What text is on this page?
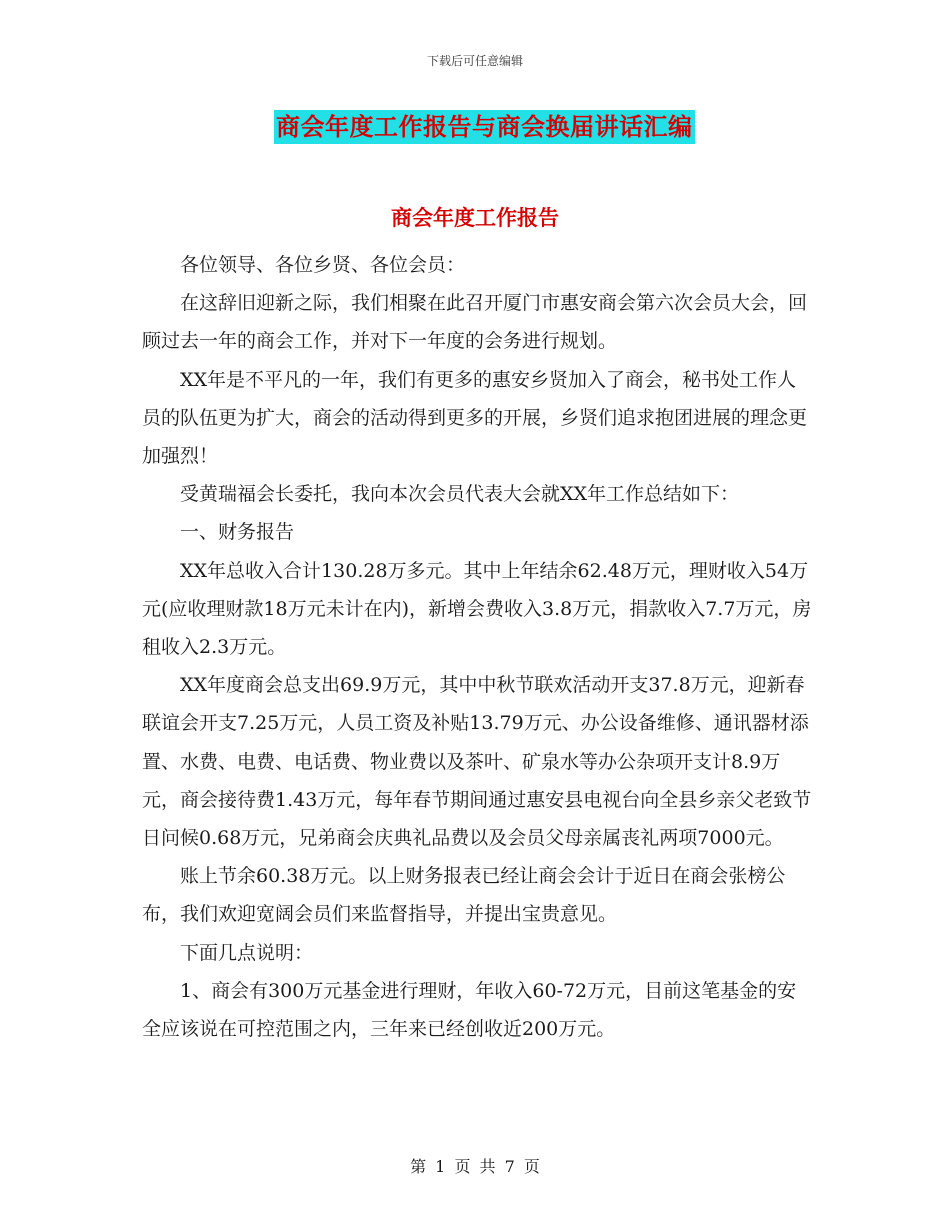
下载后可任意编辑
商会年度工作报告与商会换届讲话汇编
商会年度工作报告

各位领导、各位乡贤、各位会员：

在这辞旧迎新之际，我们相聚在此召开厦门市惠安商会第六次会员大会，回顾过去一年的商会工作，并对下一年度的会务进行规划。

XX年是不平凡的一年，我们有更多的惠安乡贤加入了商会，秘书处工作人员的队伍更为扩大，商会的活动得到更多的开展，乡贤们追求抱团进展的理念更加强烈！

受黄瑞福会长委托，我向本次会员代表大会就XX年工作总结如下：

一、财务报告

XX年总收入合计130.28万多元。其中上年结余62.48万元，理财收入54万元(应收理财款18万元未计在内)，新增会费收入3.8万元，捐款收入7.7万元，房租收入2.3万元。

XX年度商会总支出69.9万元，其中中秋节联欢活动开支37.8万元，迎新春联谊会开支7.25万元，人员工资及补贴13.79万元、办公设备维修、通讯器材添置、水费、电费、电话费、物业费以及茶叶、矿泉水等办公杂项开支计8.9万元，商会接待费1.43万元，每年春节期间通过惠安县电视台向全县乡亲父老致节日问候0.68万元，兄弟商会庆典礼品费以及会员父母亲属丧礼两项7000元。

账上节余60.38万元。以上财务报表已经让商会会计于近日在商会张榜公布，我们欢迎宽阔会员们来监督指导，并提出宝贵意见。

下面几点说明：

1、商会有300万元基金进行理财，年收入60-72万元，目前这笔基金的安全应该说在可控范围之内，三年来已经创收近200万元。

第 1 页 共 7 页
